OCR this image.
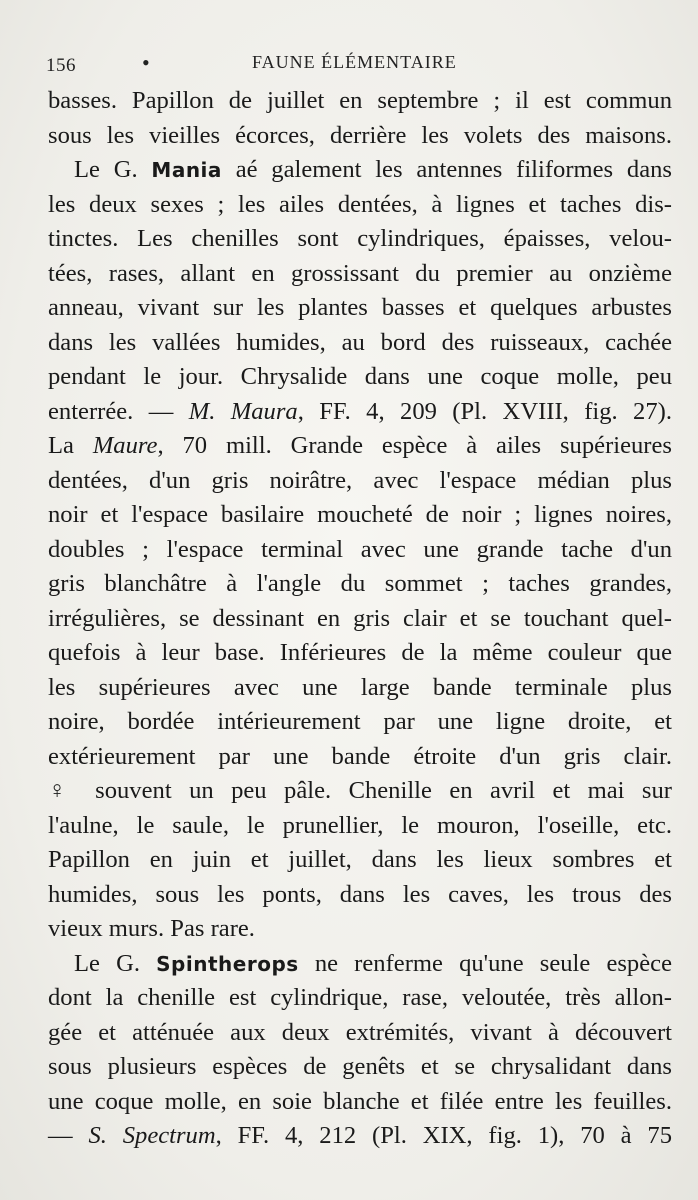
156	•	FAUNE ÉLÉMENTAIRE
basses. Papillon de juillet en septembre ; il est commun
sous les vieilles écorces, derrière les volets des maisons.
Le G. Mania aé galement les antennes filiformes dans
les deux sexes ; les ailes dentées, à lignes et taches dis-
tinctes. Les chenilles sont cylindriques, épaisses, velou-
tées, rases, allant en grossissant du premier au onzième
anneau, vivant sur les plantes basses et quelques arbustes
dans les vallées humides, au bord des ruisseaux, cachée
pendant le jour. Chrysalide dans une coque molle, peu
enterrée. — M. Maura, FF. 4, 209 (Pl. XVIII, fig. 27).
La Maure, 70 mill. Grande espèce à ailes supérieures
dentées, d'un gris noirâtre, avec l'espace médian plus
noir et l'espace basilaire moucheté de noir ; lignes noires,
doubles ; l'espace terminal avec une grande tache d'un
gris blanchâtre à l'angle du sommet ; taches grandes,
irrégulières, se dessinant en gris clair et se touchant quel-
quefois à leur base. Inférieures de la même couleur que
les supérieures avec une large bande terminale plus
noire, bordée intérieurement par une ligne droite, et
extérieurement par une bande étroite d'un gris clair.
♀ souvent un peu pâle. Chenille en avril et mai sur
l'aulne, le saule, le prunellier, le mouron, l'oseille, etc.
Papillon en juin et juillet, dans les lieux sombres et
humides, sous les ponts, dans les caves, les trous des
vieux murs. Pas rare.
Le G. Spintherops ne renferme qu'une seule espèce
dont la chenille est cylindrique, rase, veloutée, très allon-
gée et atténuée aux deux extrémités, vivant à découvert
sous plusieurs espèces de genêts et se chrysalidant dans
une coque molle, en soie blanche et filée entre les feuilles.
— S. Spectrum, FF. 4, 212 (Pl. XIX, fig. 1), 70 à 75
